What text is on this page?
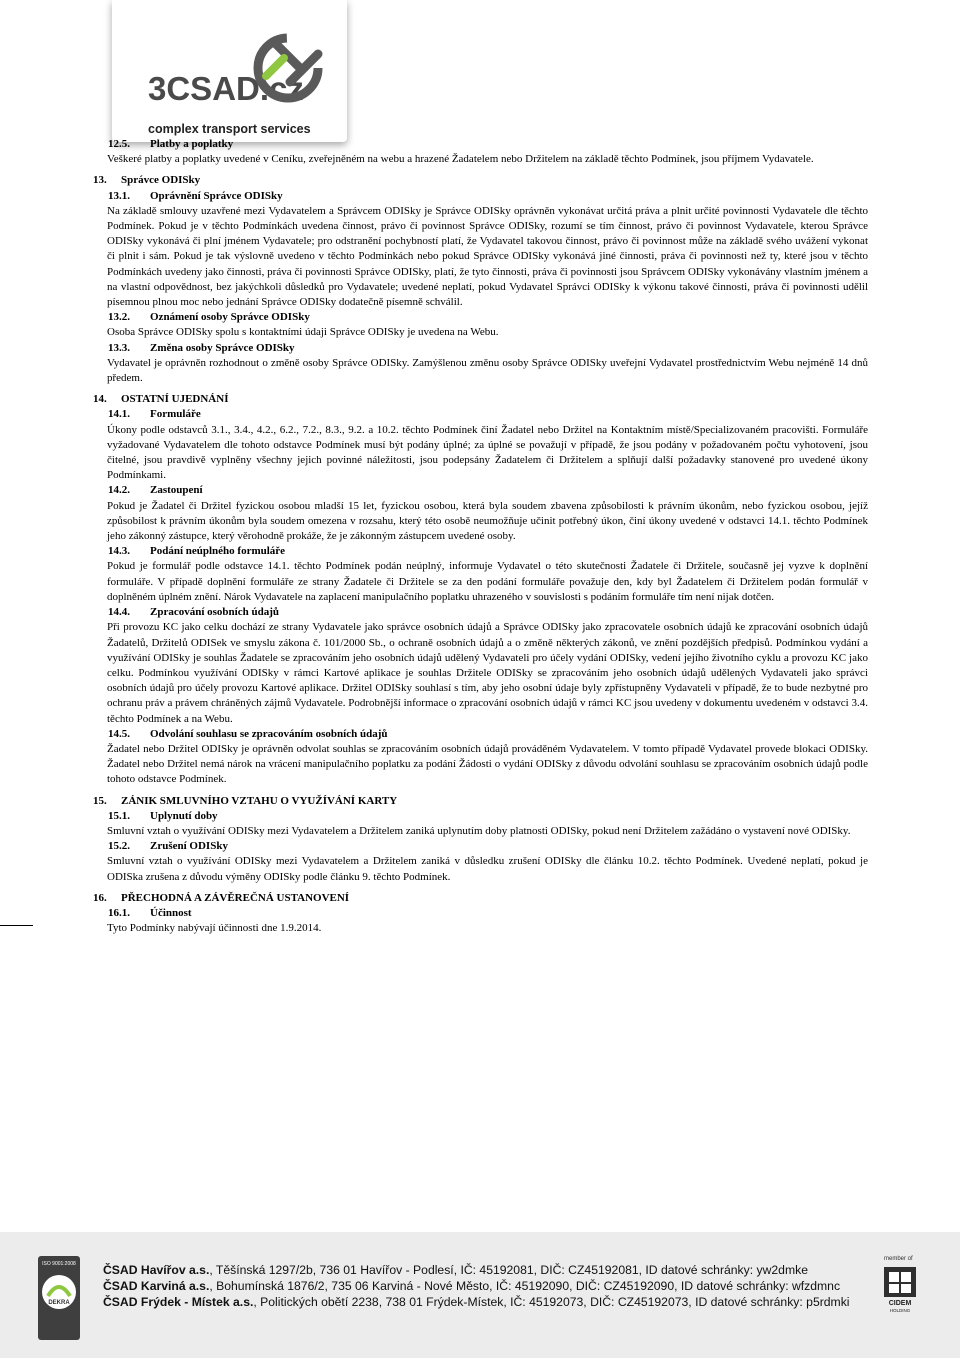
3CSAD.cz
complex transport services
12.5. Platby a poplatky
Veškeré platby a poplatky uvedené v Ceníku, zveřejněném na webu a hrazené Žadatelem nebo Držitelem na základě těchto Podmínek, jsou příjmem Vydavatele.
13. Správce ODISky
13.1. Oprávnění Správce ODISky
Na základě smlouvy uzavřené mezi Vydavatelem a Správcem ODISky je Správce ODISky oprávněn vykonávat určitá práva a plnit určité povinnosti Vydavatele dle těchto Podmínek. Pokud je v těchto Podmínkách uvedena činnost, právo či povinnost Správce ODISky, rozumí se tím činnost, právo či povinnost Vydavatele, kterou Správce ODISky vykonává či plní jménem Vydavatele; pro odstranění pochybností platí, že Vydavatel takovou činnost, právo či povinnost může na základě svého uvážení vykonat či plnit i sám. Pokud je tak výslovně uvedeno v těchto Podmínkách nebo pokud Správce ODISky vykonává jiné činnosti, práva či povinnosti než ty, které jsou v těchto Podmínkách uvedeny jako činnosti, práva či povinnosti Správce ODISky, platí, že tyto činnosti, práva či povinnosti jsou Správcem ODISky vykonávány vlastním jménem a na vlastní odpovědnost, bez jakýchkoli důsledků pro Vydavatele; uvedené neplatí, pokud Vydavatel Správci ODISky k výkonu takové činnosti, práva či povinnosti udělil písemnou plnou moc nebo jednání Správce ODISky dodatečně písemně schválil.
13.2. Oznámení osoby Správce ODISky
Osoba Správce ODISky spolu s kontaktními údaji Správce ODISky je uvedena na Webu.
13.3. Změna osoby Správce ODISky
Vydavatel je oprávněn rozhodnout o změně osoby Správce ODISky. Zamýšlenou změnu osoby Správce ODISky uveřejní Vydavatel prostřednictvím Webu nejméně 14 dnů předem.
14. OSTATNÍ UJEDNÁNÍ
14.1. Formuláře
Úkony podle odstavců 3.1., 3.4., 4.2., 6.2., 7.2., 8.3., 9.2. a 10.2. těchto Podmínek činí Žadatel nebo Držitel na Kontaktním místě/Specializovaném pracovišti. Formuláře vyžadované Vydavatelem dle tohoto odstavce Podmínek musí být podány úplné; za úplné se považují v případě, že jsou podány v požadovaném počtu vyhotovení, jsou čitelné, jsou pravdivě vyplněny všechny jejich povinné náležitosti, jsou podepsány Žadatelem či Držitelem a splňují další požadavky stanovené pro uvedené úkony Podmínkami.
14.2. Zastoupení
Pokud je Žadatel či Držitel fyzickou osobou mladší 15 let, fyzickou osobou, která byla soudem zbavena způsobilosti k právním úkonům, nebo fyzickou osobou, jejíž způsobilost k právním úkonům byla soudem omezena v rozsahu, který této osobě neumožňuje učinit potřebný úkon, činí úkony uvedené v odstavci 14.1. těchto Podmínek jeho zákonný zástupce, který věrohodně prokáže, že je zákonným zástupcem uvedené osoby.
14.3. Podání neúplného formuláře
Pokud je formulář podle odstavce 14.1. těchto Podmínek podán neúplný, informuje Vydavatel o této skutečnosti Žadatele či Držitele, současně jej vyzve k doplnění formuláře. V případě doplnění formuláře ze strany Žadatele či Držitele se za den podání formuláře považuje den, kdy byl Žadatelem či Držitelem podán formulář v doplněném úplném znění. Nárok Vydavatele na zaplacení manipulačního poplatku uhrazeného v souvislosti s podáním formuláře tím není nijak dotčen.
14.4. Zpracování osobních údajů
Při provozu KC jako celku dochází ze strany Vydavatele jako správce osobních údajů a Správce ODISky jako zpracovatele osobních údajů ke zpracování osobních údajů Žadatelů, Držitelů ODISek ve smyslu zákona č. 101/2000 Sb., o ochraně osobních údajů a o změně některých zákonů, ve znění pozdějších předpisů. Podmínkou vydání a využívání ODISky je souhlas Žadatele se zpracováním jeho osobních údajů udělený Vydavateli pro účely vydání ODISky, vedení jejího životního cyklu a provozu KC jako celku. Podmínkou využívání ODISky v rámci Kartové aplikace je souhlas Držitele ODISky se zpracováním jeho osobních údajů udělených Vydavateli jako správci osobních údajů pro účely provozu Kartové aplikace. Držitel ODISky souhlasí s tím, aby jeho osobní údaje byly zpřístupněny Vydavateli v případě, že to bude nezbytné pro ochranu práv a právem chráněných zájmů Vydavatele. Podrobnější informace o zpracování osobních údajů v rámci KC jsou uvedeny v dokumentu uvedeném v odstavci 3.4. těchto Podmínek a na Webu.
14.5. Odvolání souhlasu se zpracováním osobních údajů
Žadatel nebo Držitel ODISky je oprávněn odvolat souhlas se zpracováním osobních údajů prováděném Vydavatelem. V tomto případě Vydavatel provede blokaci ODISky. Žadatel nebo Držitel nemá nárok na vrácení manipulačního poplatku za podání Žádosti o vydání ODISky z důvodu odvolání souhlasu se zpracováním osobních údajů podle tohoto odstavce Podmínek.
15. ZÁNIK SMLUVNÍHO VZTAHU O VYUŽÍVÁNÍ KARTY
15.1. Uplynutí doby
Smluvní vztah o využívání ODISky mezi Vydavatelem a Držitelem zaniká uplynutím doby platnosti ODISky, pokud není Držitelem zažádáno o vystavení nové ODISky.
15.2. Zrušení ODISky
Smluvní vztah o využívání ODISky mezi Vydavatelem a Držitelem zaniká v důsledku zrušení ODISky dle článku 10.2. těchto Podmínek. Uvedené neplatí, pokud je ODISka zrušena z důvodu výměny ODISky podle článku 9. těchto Podmínek.
16. PŘECHODNÁ A ZÁVĚREČNÁ USTANOVENÍ
16.1. Účinnost
Tyto Podmínky nabývají účinnosti dne 1.9.2014.
ISO 9001:2008
DEKRA
ČSAD Havířov a.s., Těšínská 1297/2b, 736 01 Havířov - Podlesí, IČ: 45192081, DIČ: CZ45192081, ID datové schránky: yw2dmke
ČSAD Karviná a.s., Bohumínská 1876/2, 735 06 Karviná - Nové Město, IČ: 45192090, DIČ: CZ45192090, ID datové schránky: wfzdmnc
ČSAD Frýdek - Místek a.s., Politických obětí 2238, 738 01 Frýdek-Místek, IČ: 45192073, DIČ: CZ45192073, ID datové schránky: p5rdmki
member of
CIDEM
HOLDING
